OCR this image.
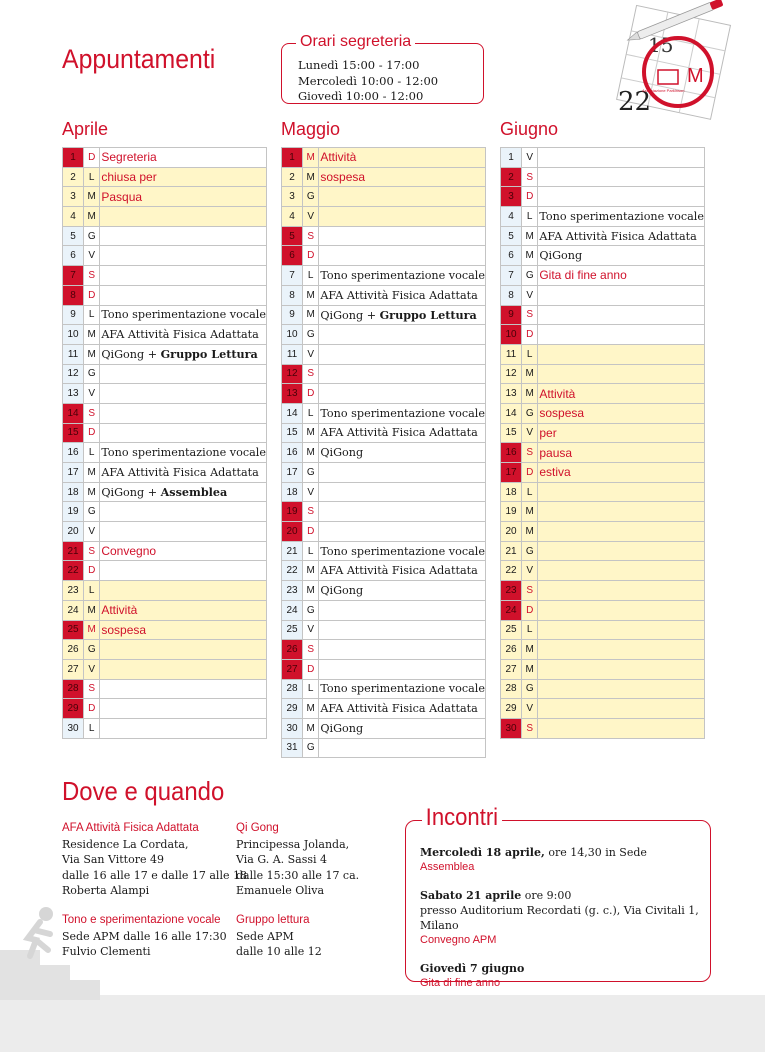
Appuntamenti
Orari segreteria
Lunedì 15:00 - 17:00
Mercoledì 10:00 - 12:00
Giovedì 10:00 - 12:00
15
22
M
Associazione Parkinson
Aprile	Maggio	Giugno
1	D	Segreteria
2	L	chiusa per
3	M	Pasqua
4	M	
5	G	
6	V	
7	S	
8	D	
9	L	Tono sperimentazione vocale
10	M	AFA Attività Fisica Adattata
11	M	QiGong + Gruppo Lettura
12	G	
13	V	
14	S	
15	D	
16	L	Tono sperimentazione vocale
17	M	AFA Attività Fisica Adattata
18	M	QiGong + Assemblea
19	G	
20	V	
21	S	Convegno
22	D	
23	L	
24	M	Attività
25	M	sospesa
26	G	
27	V	
28	S	
29	D	
30	L	
1	M	Attività
2	M	sospesa
3	G	
4	V	
5	S	
6	D	
7	L	Tono sperimentazione vocale
8	M	AFA Attività Fisica Adattata
9	M	QiGong + Gruppo Lettura
10	G	
11	V	
12	S	
13	D	
14	L	Tono sperimentazione vocale
15	M	AFA Attività Fisica Adattata
16	M	QiGong
17	G	
18	V	
19	S	
20	D	
21	L	Tono sperimentazione vocale
22	M	AFA Attività Fisica Adattata
23	M	QiGong
24	G	
25	V	
26	S	
27	D	
28	L	Tono sperimentazione vocale
29	M	AFA Attività Fisica Adattata
30	M	QiGong
31	G	
1	V	
2	S	
3	D	
4	L	Tono sperimentazione vocale
5	M	AFA Attività Fisica Adattata
6	M	QiGong
7	G	Gita di fine anno
8	V	
9	S	
10	D	
11	L	
12	M	
13	M	Attività
14	G	sospesa
15	V	per
16	S	pausa
17	D	estiva
18	L	
19	M	
20	M	
21	G	
22	V	
23	S	
24	D	
25	L	
26	M	
27	M	
28	G	
29	V	
30	S	
Dove e quando
AFA Attività Fisica Adattata
Residence La Cordata,
Via San Vittore 49
dalle 16 alle 17 e dalle 17 alle 18
Roberta Alampi
Tono e sperimentazione vocale
Sede APM dalle 16 alle 17:30
Fulvio Clementi
Qi Gong
Principessa Jolanda,
Via G. A. Sassi 4
dalle 15:30 alle 17 ca.
Emanuele Oliva
Gruppo lettura
Sede APM
dalle 10 alle 12
Incontri
Mercoledì 18 aprile, ore 14,30 in Sede
Assemblea
Sabato 21 aprile ore 9:00
presso Auditorium Recordati (g. c.), Via Civitali 1, Milano
Convegno APM
Giovedì 7 giugno
Gita di fine anno
